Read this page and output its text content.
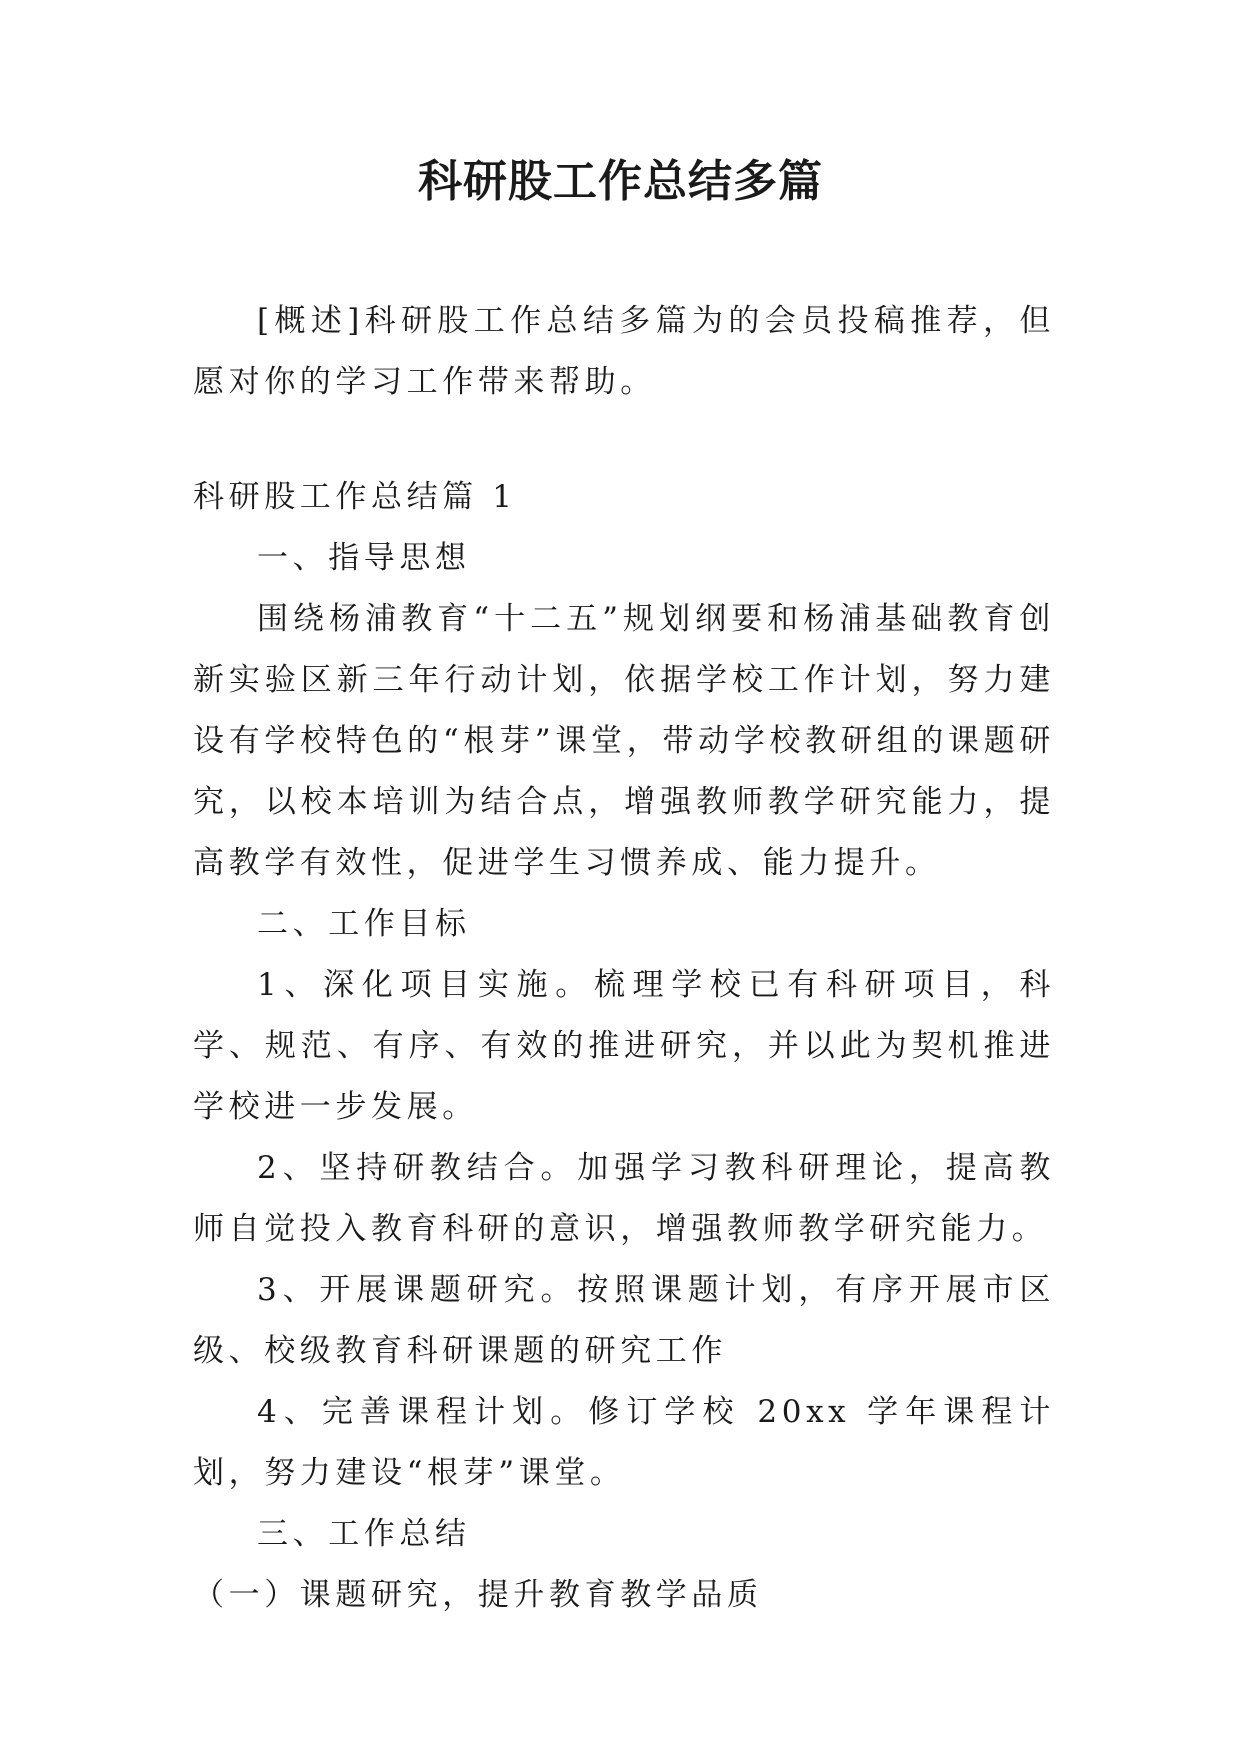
科研股工作总结多篇

[概述]科研股工作总结多篇为的会员投稿推荐，但愿对你的学习工作带来帮助。

科研股工作总结篇 1

一、指导思想

围绕杨浦教育“十二五”规划纲要和杨浦基础教育创新实验区新三年行动计划，依据学校工作计划，努力建设有学校特色的“根芽”课堂，带动学校教研组的课题研究，以校本培训为结合点，增强教师教学研究能力，提高教学有效性，促进学生习惯养成、能力提升。

二、工作目标

1、深化项目实施。梳理学校已有科研项目，科学、规范、有序、有效的推进研究，并以此为契机推进学校进一步发展。

2、坚持研教结合。加强学习教科研理论，提高教师自觉投入教育科研的意识，增强教师教学研究能力。

3、开展课题研究。按照课题计划，有序开展市区级、校级教育科研课题的研究工作

4、完善课程计划。修订学校 20xx 学年课程计划，努力建设“根芽”课堂。

三、工作总结

（一）课题研究，提升教育教学品质
